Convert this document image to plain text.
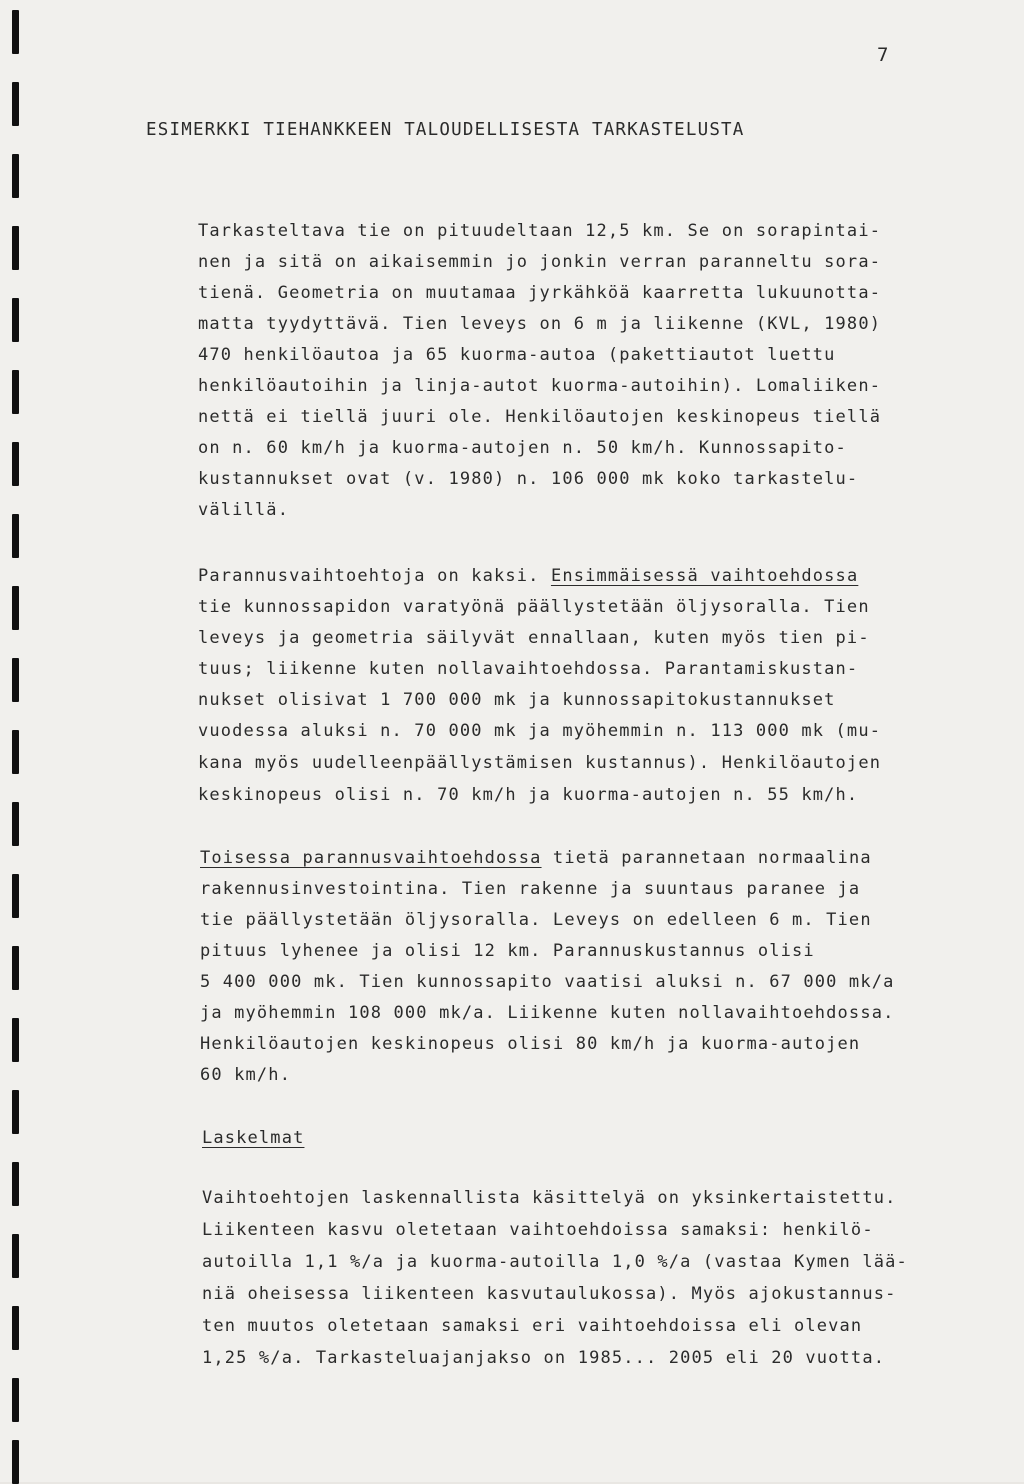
7
ESIMERKKI TIEHANKKEEN TALOUDELLISESTA TARKASTELUSTA
Tarkasteltava tie on pituudeltaan 12,5 km. Se on sorapintai-
nen ja sitä on aikaisemmin jo jonkin verran paranneltu sora-
tienä. Geometria on muutamaa jyrkähköä kaarretta lukuunotta-
matta tyydyttävä. Tien leveys on 6 m ja liikenne (KVL, 1980)
470 henkilöautoa ja 65 kuorma-autoa (pakettiautot luettu
henkilöautoihin ja linja-autot kuorma-autoihin). Lomaliiken-
nettä ei tiellä juuri ole. Henkilöautojen keskinopeus tiellä
on n. 60 km/h ja kuorma-autojen n. 50 km/h. Kunnossapito-
kustannukset ovat (v. 1980) n. 106 000 mk koko tarkastelu-
välillä.
Parannusvaihtoehtoja on kaksi. Ensimmäisessä vaihtoehdossa
tie kunnossapidon varatyönä päällystetään öljysoralla. Tien
leveys ja geometria säilyvät ennallaan, kuten myös tien pi-
tuus; liikenne kuten nollavaihtoehdossa. Parantamiskustan-
nukset olisivat 1 700 000 mk ja kunnossapitokustannukset
vuodessa aluksi n. 70 000 mk ja myöhemmin n. 113 000 mk (mu-
kana myös uudelleenpäällystämisen kustannus). Henkilöautojen
keskinopeus olisi n. 70 km/h ja kuorma-autojen n. 55 km/h.
Toisessa parannusvaihtoehdossa tietä parannetaan normaalina
rakennusinvestointina. Tien rakenne ja suuntaus paranee ja
tie päällystetään öljysoralla. Leveys on edelleen 6 m. Tien
pituus lyhenee ja olisi 12 km. Parannuskustannus olisi
5 400 000 mk. Tien kunnossapito vaatisi aluksi n. 67 000 mk/a
ja myöhemmin 108 000 mk/a. Liikenne kuten nollavaihtoehdossa.
Henkilöautojen keskinopeus olisi 80 km/h ja kuorma-autojen
60 km/h.
Laskelmat
Vaihtoehtojen laskennallista käsittelyä on yksinkertaistettu.
Liikenteen kasvu oletetaan vaihtoehdoissa samaksi: henkilö-
autoilla 1,1 %/a ja kuorma-autoilla 1,0 %/a (vastaa Kymen lää-
niä oheisessa liikenteen kasvutaulukossa). Myös ajokustannus-
ten muutos oletetaan samaksi eri vaihtoehdoissa eli olevan
1,25 %/a. Tarkasteluajanjakso on 1985... 2005 eli 20 vuotta.
